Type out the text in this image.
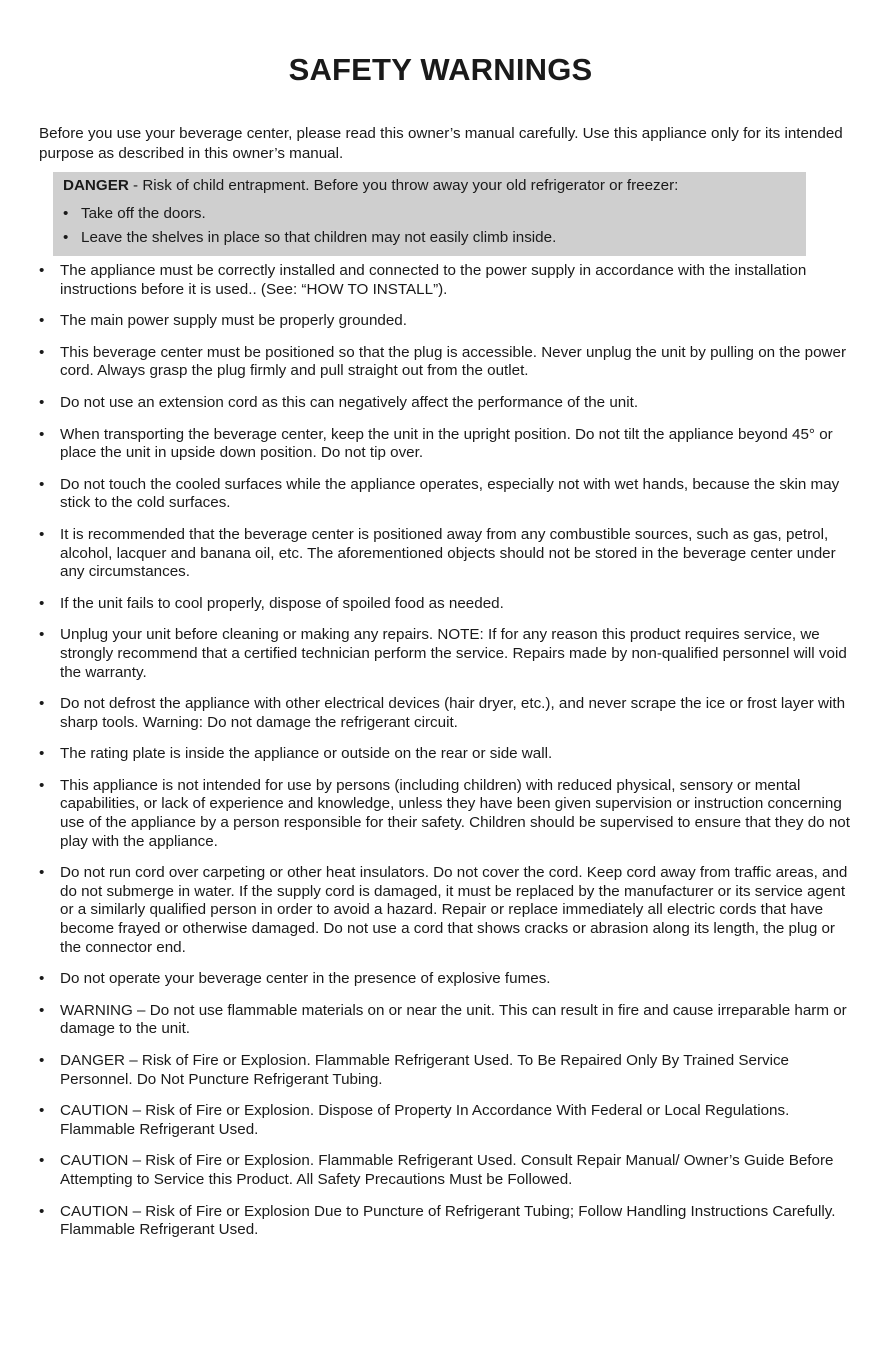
SAFETY WARNINGS
Before you use your beverage center, please read this owner’s manual carefully. Use this appliance only for its intended purpose as described in this owner’s manual.
DANGER - Risk of child entrapment. Before you throw away your old refrigerator or freezer:
• Take off the doors.
• Leave the shelves in place so that children may not easily climb inside.
• The appliance must be correctly installed and connected to the power supply in accordance with the installation instructions before it is used.. (See: “HOW TO INSTALL”).
• The main power supply must be properly grounded.
• This beverage center must be positioned so that the plug is accessible. Never unplug the unit by pulling on the power cord. Always grasp the plug firmly and pull straight out from the outlet.
• Do not use an extension cord as this can negatively affect the performance of the unit.
• When transporting the beverage center, keep the unit in the upright position. Do not tilt the appliance beyond 45° or place the unit in upside down position. Do not tip over.
• Do not touch the cooled surfaces while the appliance operates, especially not with wet hands, because the skin may stick to the cold surfaces.
• It is recommended that the beverage center is positioned away from any combustible sources, such as gas, petrol, alcohol, lacquer and banana oil, etc. The aforementioned objects should not be stored in the beverage center under any circumstances.
• If the unit fails to cool properly, dispose of spoiled food as needed.
• Unplug your unit before cleaning or making any repairs. NOTE: If for any reason this product requires service, we strongly recommend that a certified technician perform the service. Repairs made by non-qualified personnel will void the warranty.
• Do not defrost the appliance with other electrical devices (hair dryer, etc.), and never scrape the ice or frost layer with sharp tools. Warning: Do not damage the refrigerant circuit.
• The rating plate is inside the appliance or outside on the rear or side wall.
• This appliance is not intended for use by persons (including children) with reduced physical, sensory or mental capabilities, or lack of experience and knowledge, unless they have been given supervision or instruction concerning use of the appliance by a person responsible for their safety. Children should be supervised to ensure that they do not play with the appliance.
• Do not run cord over carpeting or other heat insulators. Do not cover the cord. Keep cord away from traffic areas, and do not submerge in water. If the supply cord is damaged, it must be replaced by the manufacturer or its service agent or a similarly qualified person in order to avoid a hazard. Repair or replace immediately all electric cords that have become frayed or otherwise damaged. Do not use a cord that shows cracks or abrasion along its length, the plug or the connector end.
• Do not operate your beverage center in the presence of explosive fumes.
• WARNING – Do not use flammable materials on or near the unit. This can result in fire and cause irreparable harm or damage to the unit.
• DANGER – Risk of Fire or Explosion. Flammable Refrigerant Used. To Be Repaired Only By Trained Service Personnel. Do Not Puncture Refrigerant Tubing.
• CAUTION – Risk of Fire or Explosion. Dispose of Property In Accordance With Federal or Local Regulations. Flammable Refrigerant Used.
• CAUTION – Risk of Fire or Explosion. Flammable Refrigerant Used. Consult Repair Manual/ Owner’s Guide Before Attempting to Service this Product. All Safety Precautions Must be Followed.
• CAUTION – Risk of Fire or Explosion Due to Puncture of Refrigerant Tubing; Follow Handling Instructions Carefully. Flammable Refrigerant Used.
